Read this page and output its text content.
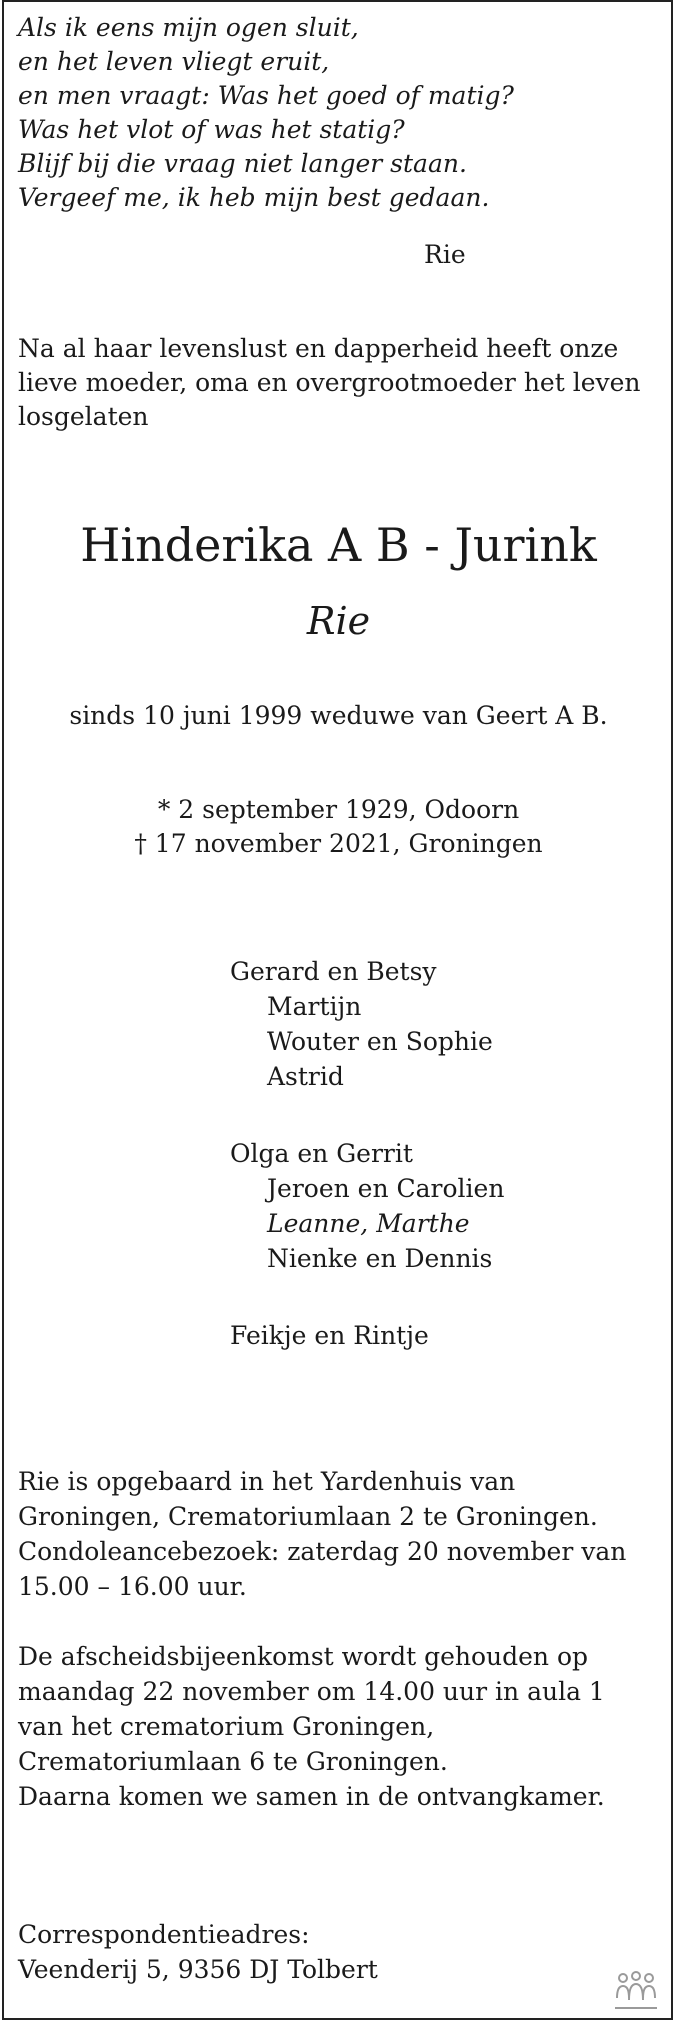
Als ik eens mijn ogen sluit,
en het leven vliegt eruit,
en men vraagt: Was het goed of matig?
Was het vlot of was het statig?
Blijf bij die vraag niet langer staan.
Vergeef me, ik heb mijn best gedaan.
Rie
Na al haar levenslust en dapperheid heeft onze
lieve moeder, oma en overgrootmoeder het leven
losgelaten
Hinderika A B - Jurink
Rie
sinds 10 juni 1999 weduwe van Geert A B.
* 2 september 1929, Odoorn
† 17 november 2021, Groningen
Gerard en Betsy
Martijn
Wouter en Sophie
Astrid
Olga en Gerrit
Jeroen en Carolien
Leanne, Marthe
Nienke en Dennis
Feikje en Rintje
Rie is opgebaard in het Yardenhuis van
Groningen, Crematoriumlaan 2 te Groningen.
Condoleancebezoek: zaterdag 20 november van
15.00 – 16.00 uur.
De afscheidsbijeenkomst wordt gehouden op
maandag 22 november om 14.00 uur in aula 1
van het crematorium Groningen,
Crematoriumlaan 6 te Groningen.
Daarna komen we samen in de ontvangkamer.
Correspondentieadres:
Veenderij 5, 9356 DJ Tolbert
